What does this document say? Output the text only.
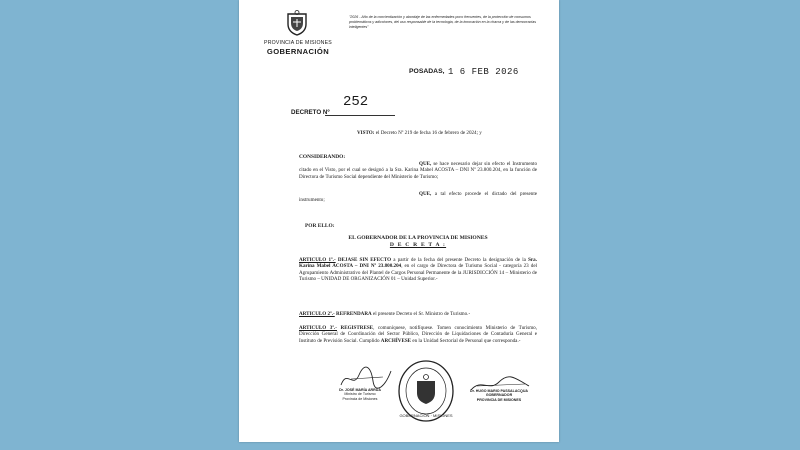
PROVINCIA DE MISIONES
GOBERNACIÓN
"2026 - Año de la concientización y abordaje de las enfermedades poco frecuentes, de la protección de consumos problemáticos y adicciones, del uso responsable de la tecnología, de la innovación en la chacra y de las democracias inteligentes"
POSADAS, 1 6 FEB 2026
252
DECRETO Nº
VISTO: el Decreto Nº 219 de fecha 16 de febrero de 2024; y
CONSIDERANDO:
QUE, se hace necesario dejar sin efecto el Instrumento citado en el Visto, por el cual se designó a la Sra. Karina Mabel ACOSTA – DNI Nº 23.800.204, en la función de Directora de Turismo Social dependiente del Ministerio de Turismo;
QUE, a tal efecto procede el dictado del presente instrumento;
POR ELLO:
EL GOBERNADOR DE LA PROVINCIA DE MISIONES
D E C R E T A :
ARTICULO 1º.- DEJASE SIN EFECTO a partir de la fecha del presente Decreto la designación de la Sra. Karina Mabel ACOSTA – DNI Nº 23.800.204, en el cargo de Directora de Turismo Social - categoría 23 del Agrupamiento Administrativo del Plantel de Cargos Personal Permanente de la JURISDICCIÓN 14 – Ministerio de Turismo – UNIDAD DE ORGANIZACIÓN 01 – Unidad Superior.-
ARTICULO 2º.- REFRENDARA el presente Decreto el Sr. Ministro de Turismo.-
ARTICULO 3º.- REGISTRESE, comuníquese, notifíquese. Tomen conocimiento Ministerio de Turismo, Dirección General de Coordinación del Sector Público, Dirección de Liquidaciones de Contaduría General e Instituto de Previsión Social. Cumplido ARCHÍVESE en la Unidad Sectorial de Personal que corresponda.-
Dr. JOSÉ MARÍA ARRÚA
Ministro de Turismo
Provincia de Misiones
GOBERNACIÓN · MISIONES
Dr. HUGO MARIO PASSALACQUA
GOBERNADOR
PROVINCIA DE MISIONES
